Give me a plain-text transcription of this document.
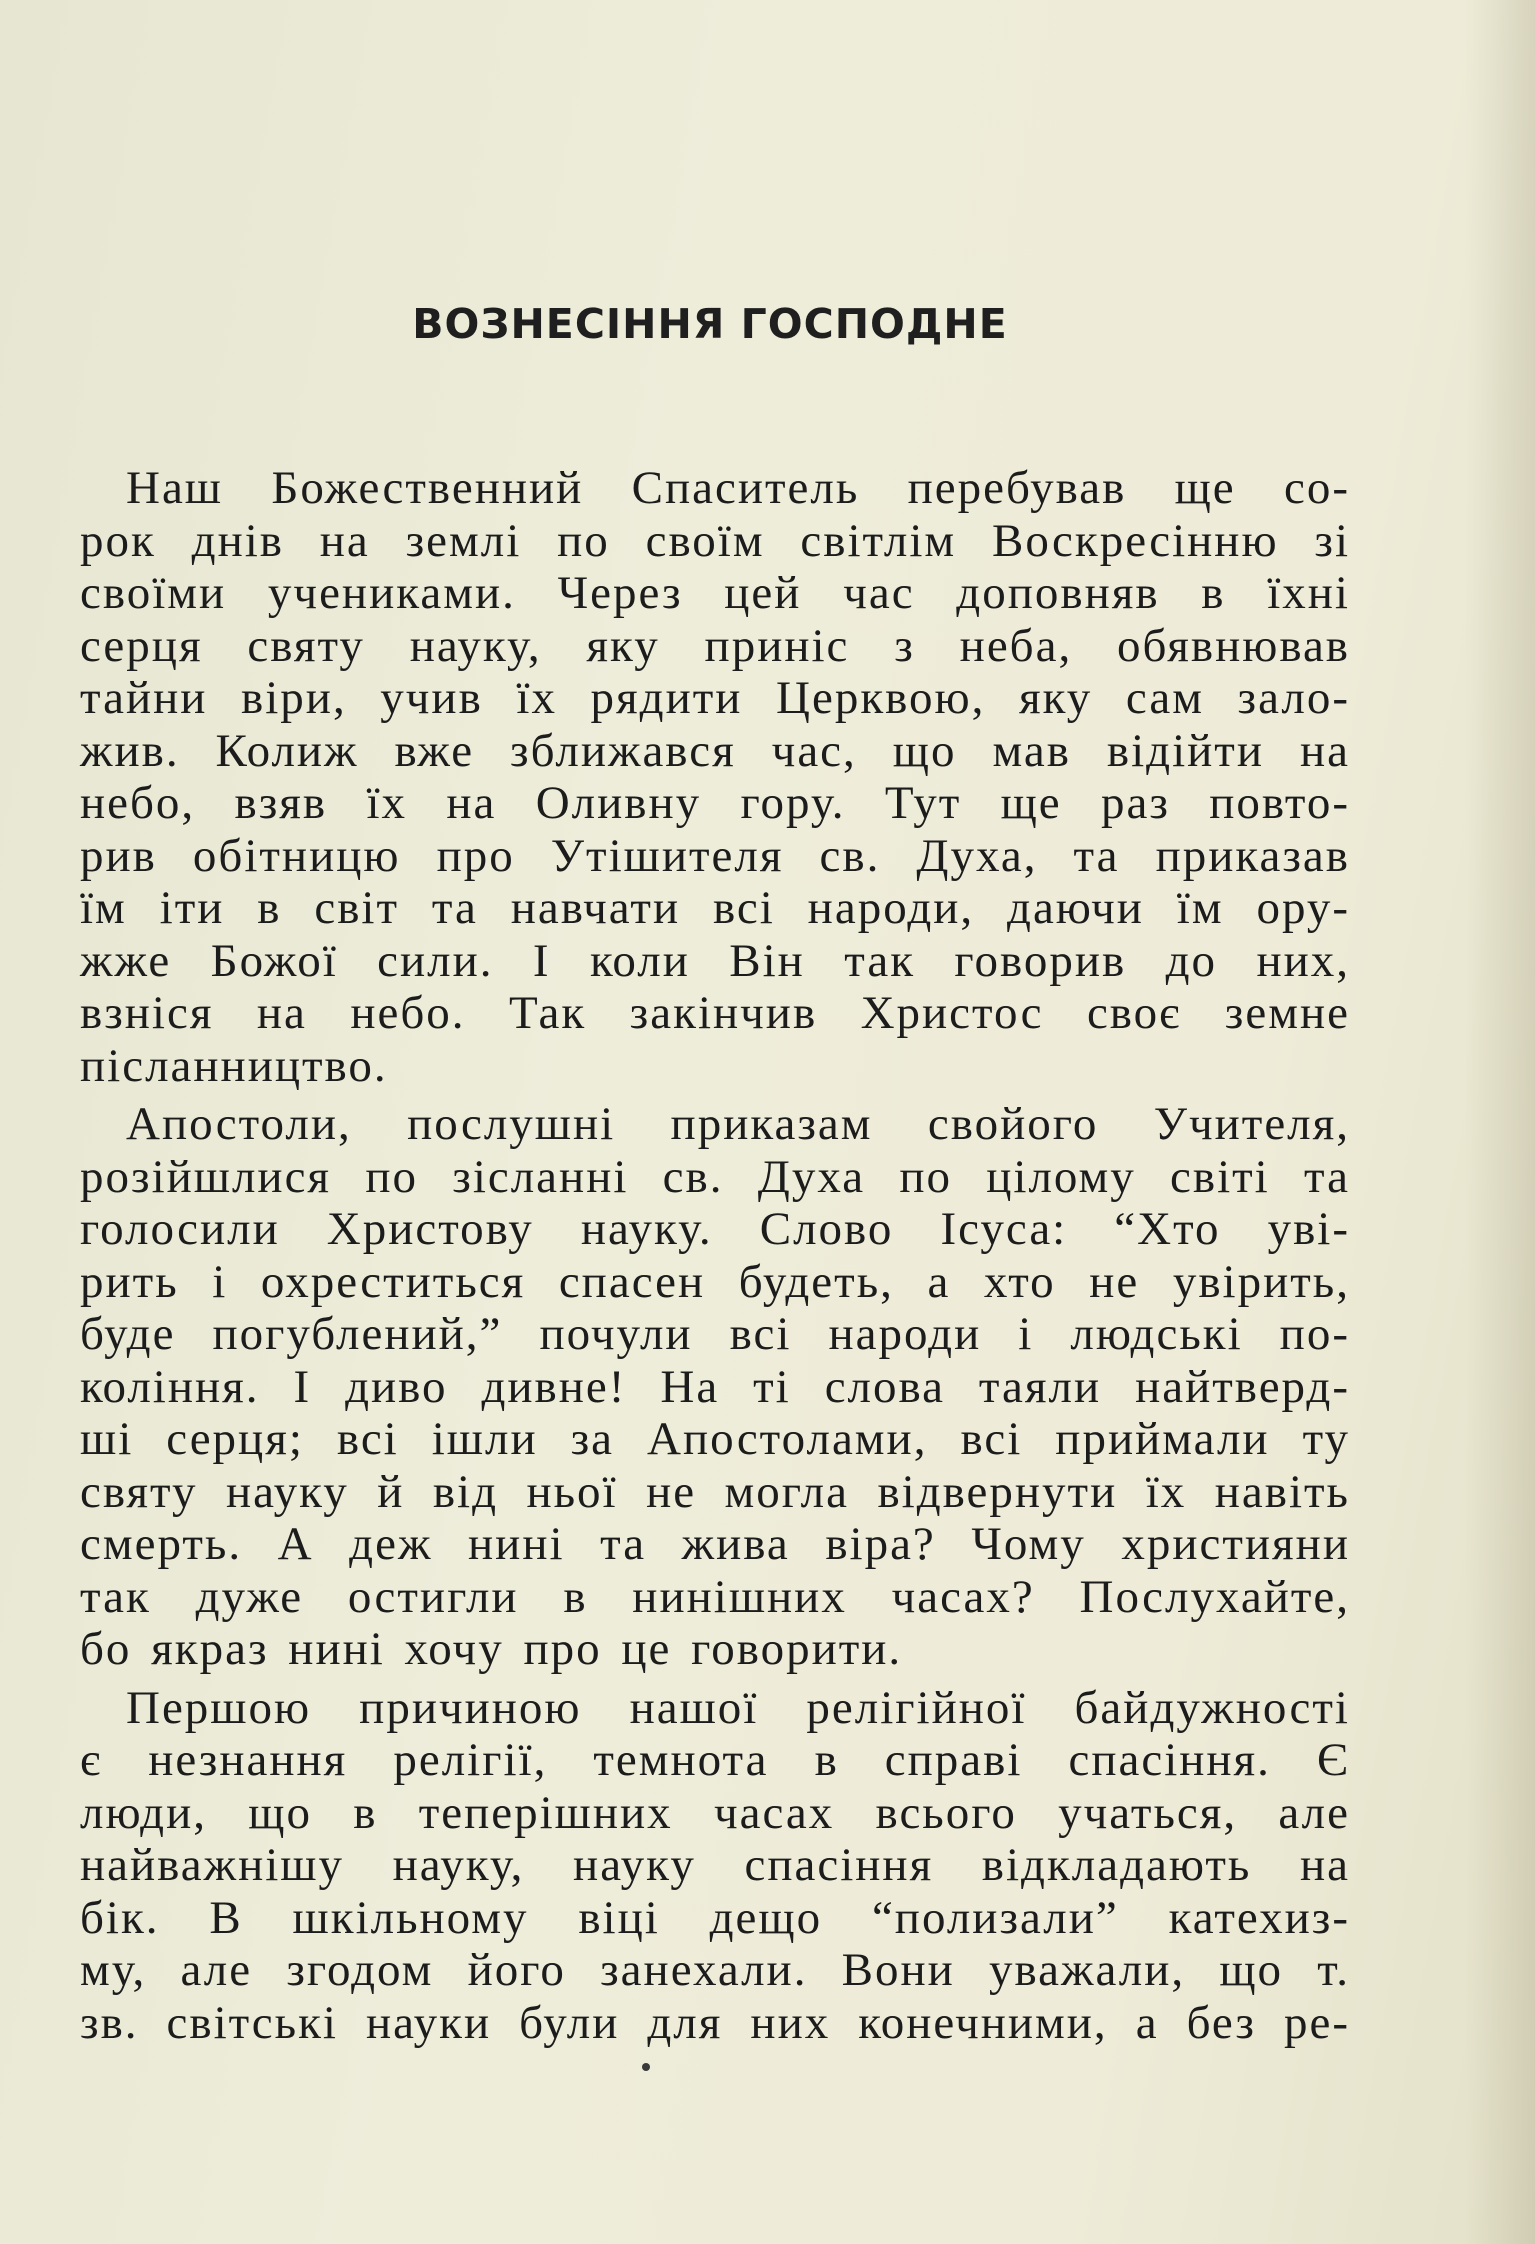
ВОЗНЕСІННЯ ГОСПОДНЕ
Наш Божественний Спаситель перебував ще со-
рок днів на землі по своїм світлім Воскресінню зі
своїми учениками. Через цей час доповняв в їхні
серця святу науку, яку приніс з неба, обявнював
тайни віри, учив їх рядити Церквою, яку сам зало-
жив. Колиж вже зближався час, що мав відійти на
небо, взяв їх на Оливну гору. Тут ще раз повто-
рив обітницю про Утішителя св. Духа, та приказав
їм іти в світ та навчати всі народи, даючи їм ору-
жже Божої сили. І коли Він так говорив до них,
взніся на небо. Так закінчив Христос своє земне
післанництво.
Апостоли, послушні приказам свойого Учителя,
розійшлися по зісланні св. Духа по цілому світі та
голосили Христову науку. Слово Ісуса: “Хто уві-
рить і охреститься спасен будеть, а хто не увірить,
буде погублений,” почули всі народи і людські по-
коління. І диво дивне! На ті слова таяли найтверд-
ші серця; всі ішли за Апостолами, всі приймали ту
святу науку й від ньої не могла відвернути їх навіть
смерть. А деж нині та жива віра? Чому християни
так дуже остигли в нинішних часах? Послухайте,
бо якраз нині хочу про це говорити.
Першою причиною нашої релігійної байдужності
є незнання релігії, темнота в справі спасіння. Є
люди, що в теперішних часах всього учаться, але
найважнішу науку, науку спасіння відкладають на
бік. В шкільному віці дещо “полизали” катехиз-
му, але згодом його занехали. Вони уважали, що т.
зв. світські науки були для них конечними, а без ре-
